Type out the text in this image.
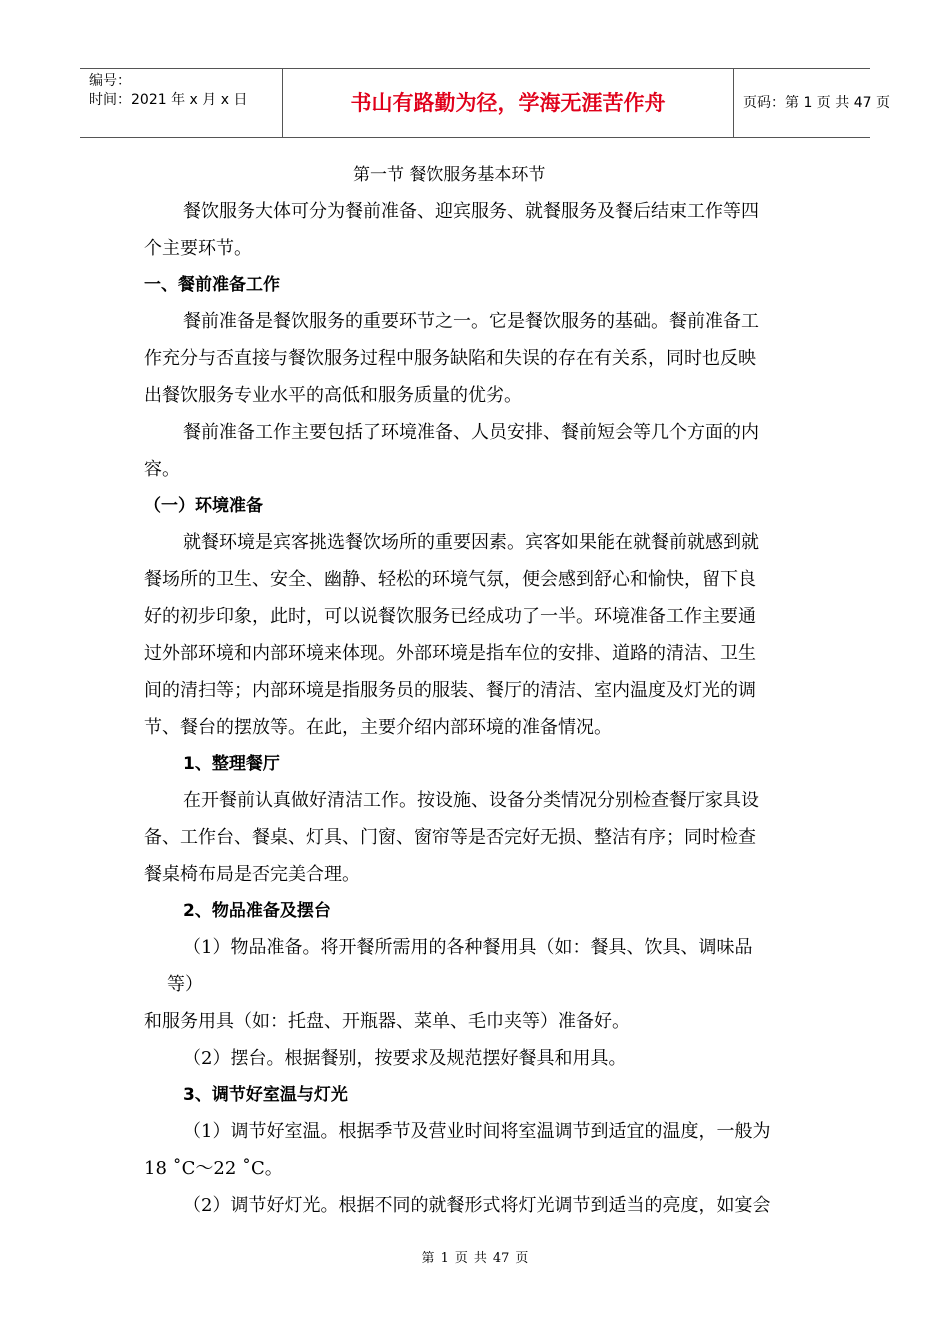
编号：
时间：2021 年 x 月 x 日	书山有路勤为径，学海无涯苦作舟	页码：第 1 页 共 47 页
第一节 餐饮服务基本环节
餐饮服务大体可分为餐前准备、迎宾服务、就餐服务及餐后结束工作等四
个主要环节。
一、餐前准备工作
餐前准备是餐饮服务的重要环节之一。它是餐饮服务的基础。餐前准备工
作充分与否直接与餐饮服务过程中服务缺陷和失误的存在有关系，同时也反映
出餐饮服务专业水平的高低和服务质量的优劣。
餐前准备工作主要包括了环境准备、人员安排、餐前短会等几个方面的内
容。
（一）环境准备
就餐环境是宾客挑选餐饮场所的重要因素。宾客如果能在就餐前就感到就
餐场所的卫生、安全、幽静、轻松的环境气氛，便会感到舒心和愉快，留下良
好的初步印象，此时，可以说餐饮服务已经成功了一半。环境准备工作主要通
过外部环境和内部环境来体现。外部环境是指车位的安排、道路的清洁、卫生
间的清扫等；内部环境是指服务员的服装、餐厅的清洁、室内温度及灯光的调
节、餐台的摆放等。在此，主要介绍内部环境的准备情况。
1、整理餐厅
在开餐前认真做好清洁工作。按设施、设备分类情况分别检查餐厅家具设
备、工作台、餐桌、灯具、门窗、窗帘等是否完好无损、整洁有序；同时检查
餐桌椅布局是否完美合理。
2、物品准备及摆台
（1）物品准备。将开餐所需用的各种餐用具（如：餐具、饮具、调味品
等）
和服务用具（如：托盘、开瓶器、菜单、毛巾夹等）准备好。
（2）摆台。根据餐别，按要求及规范摆好餐具和用具。
3、调节好室温与灯光
（1）调节好室温。根据季节及营业时间将室温调节到适宜的温度，一般为
18 ˚C～22 ˚C。
（2）调节好灯光。根据不同的就餐形式将灯光调节到适当的亮度，如宴会
第 1 页 共 47 页
